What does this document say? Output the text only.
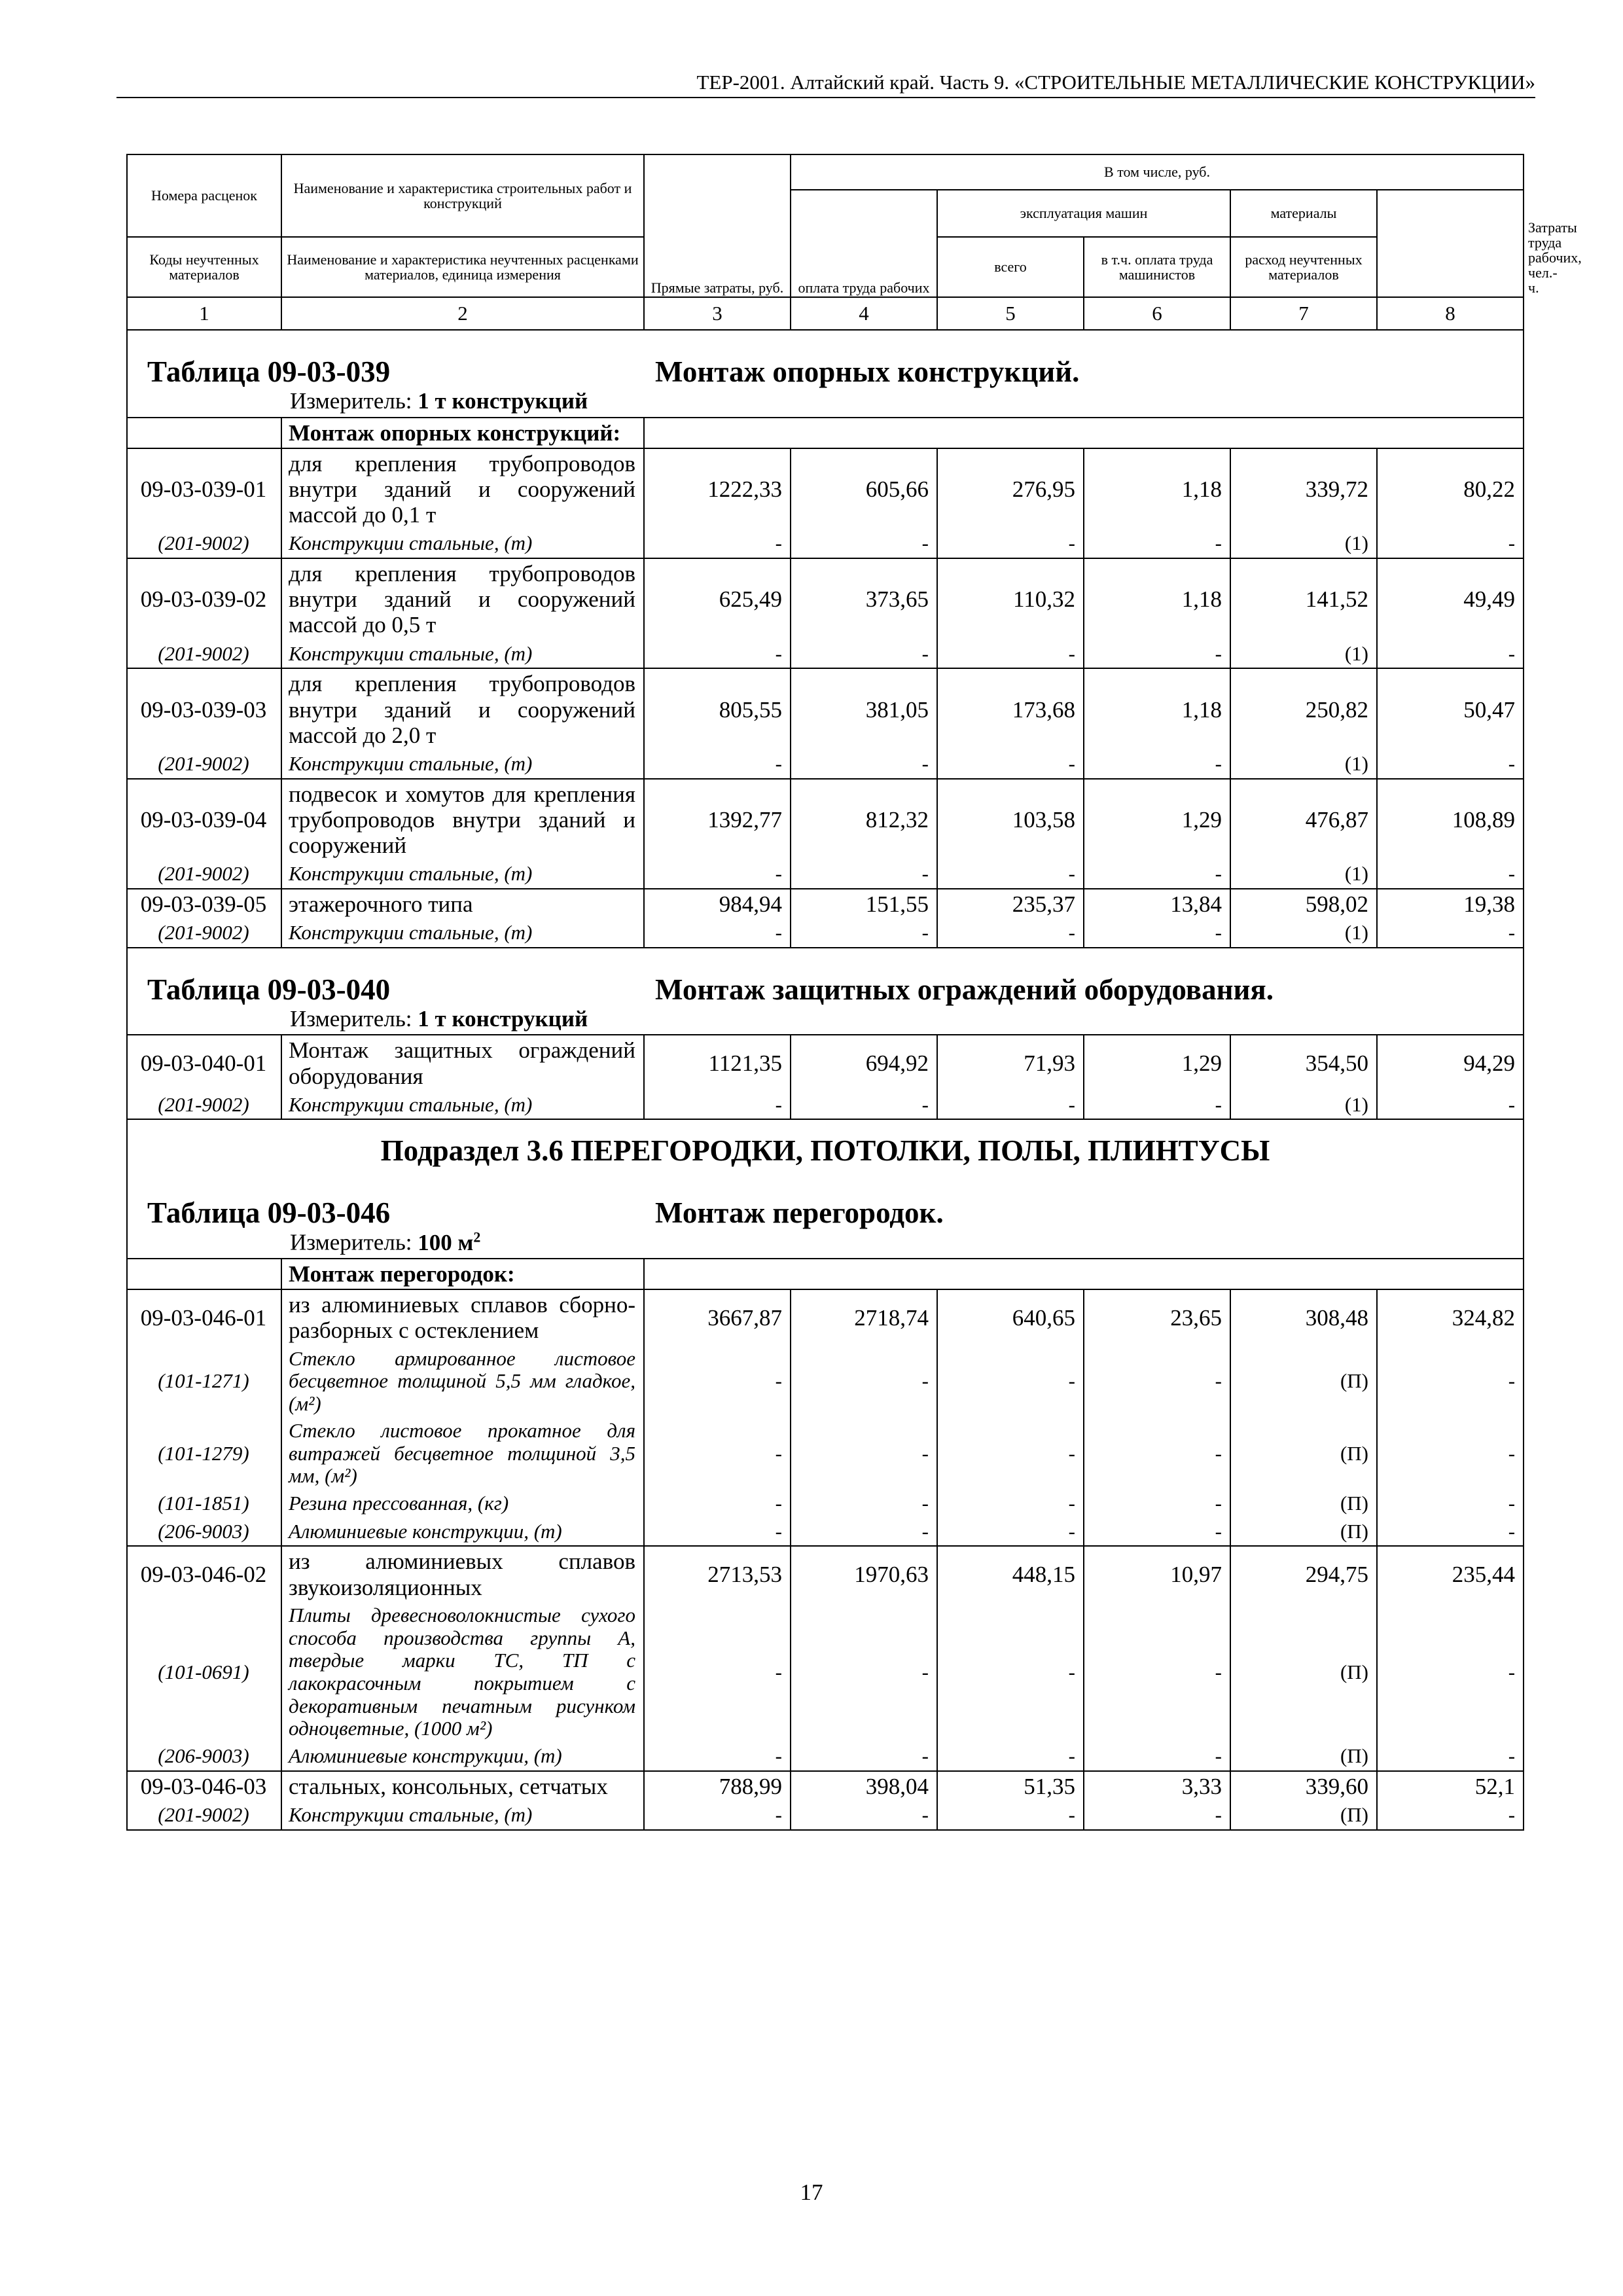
ТЕР-2001. Алтайский край. Часть 9. «СТРОИТЕЛЬНЫЕ МЕТАЛЛИЧЕСКИЕ КОНСТРУКЦИИ»
Номера расценок	Наименование и характеристика строительных работ и конструкций	Прямые затраты, руб.	В том числе, руб.					Затраты труда рабочих, чел.-ч.
			оплата труда рабочих	эксплуатация машин		материалы		
Коды неучтенных материалов	Наименование и характеристика неучтенных расценками материалов, единица измерения			всего	в т.ч. оплата труда машинистов	расход неучтенных материалов		
1	2	3	4	5	6	7	8	

Таблица 09-03-039 Монтаж опорных конструкций.
Измеритель: 1 т конструкций								

	Монтаж опорных конструкций:							
09-03-039-01	для крепления трубопроводов внутри зданий и сооружений массой до 0,1 т	1222,33	605,66	276,95	1,18	339,72	80,22	
(201-9002)	Конструкции стальные, (т)	-	-	-	-	(1)	-	
09-03-039-02	для крепления трубопроводов внутри зданий и сооружений массой до 0,5 т	625,49	373,65	110,32	1,18	141,52	49,49	
(201-9002)	Конструкции стальные, (т)	-	-	-	-	(1)	-	
09-03-039-03	для крепления трубопроводов внутри зданий и сооружений массой до 2,0 т	805,55	381,05	173,68	1,18	250,82	50,47	
(201-9002)	Конструкции стальные, (т)	-	-	-	-	(1)	-	
09-03-039-04	подвесок и хомутов для крепления трубопроводов внутри зданий и сооружений	1392,77	812,32	103,58	1,29	476,87	108,89	
(201-9002)	Конструкции стальные, (т)	-	-	-	-	(1)	-	
09-03-039-05	этажерочного типа	984,94	151,55	235,37	13,84	598,02	19,38	
(201-9002)	Конструкции стальные, (т)	-	-	-	-	(1)	-	

Таблица 09-03-040 Монтаж защитных ограждений оборудования.
Измеритель: 1 т конструкций								

09-03-040-01	Монтаж защитных ограждений оборудования	1121,35	694,92	71,93	1,29	354,50	94,29	
(201-9002)	Конструкции стальные, (т)	-	-	-	-	(1)	-	

Подраздел 3.6 ПЕРЕГОРОДКИ, ПОТОЛКИ, ПОЛЫ, ПЛИНТУСЫ
Таблица 09-03-046 Монтаж перегородок.
Измеритель: 100 $м^2$

	Монтаж перегородок:							
09-03-046-01	из алюминиевых сплавов сборно-разборных с остеклением	3667,87	2718,74	640,65	23,65	308,48	324,82	
(101-1271)	Стекло армированное листовое бесцветное толщиной 5,5 мм гладкое, (м²)	-	-	-	-	(П)	-	
(101-1279)	Стекло листовое прокатное для витражей бесцветное толщиной 3,5 мм, (м²)	-	-	-	-	(П)	-	
(101-1851)	Резина прессованная, (кг)	-	-	-	-	(П)	-	
(206-9003)	Алюминиевые конструкции, (т)	-	-	-	-	(П)	-	
09-03-046-02	из алюминиевых сплавов звукоизоляционных	2713,53	1970,63	448,15	10,97	294,75	235,44	
(101-0691)	Плиты древесноволокнистые сухого способа производства группы А, твердые марки ТС, ТП с лакокрасочным покрытием с декоративным печатным рисунком одноцветные, (1000 м²)	-	-	-	-	(П)	-	
(206-9003)	Алюминиевые конструкции, (т)	-	-	-	-	(П)	-	
09-03-046-03	стальных, консольных, сетчатых	788,99	398,04	51,35	3,33	339,60	52,1	
(201-9002)	Конструкции стальные, (т)	-	-	-	-	(П)	-	
17
